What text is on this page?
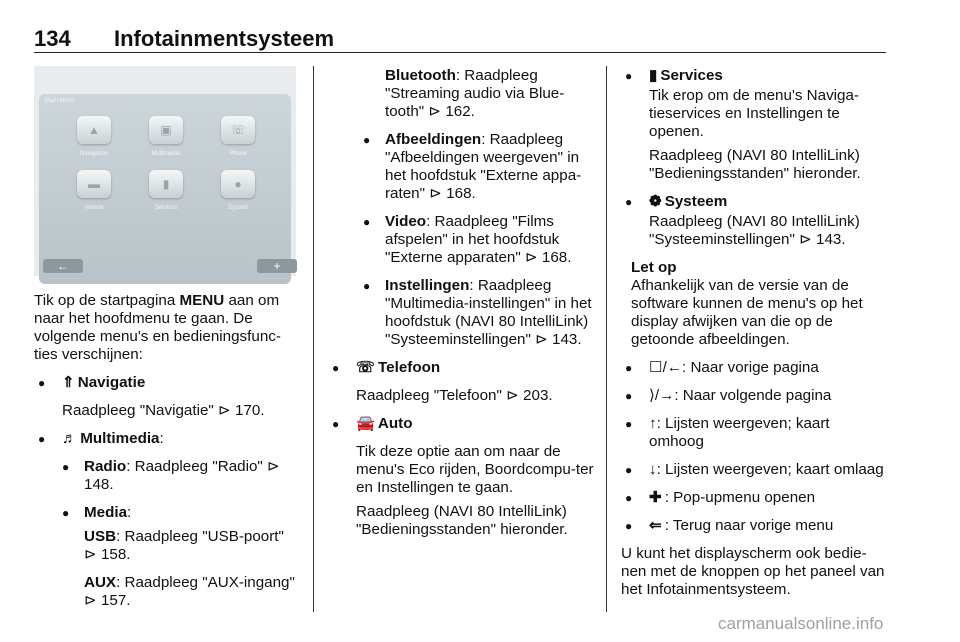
134 Infotainmentsysteem
Main Menu
▲	▣	☏
Navigation	Multimedia	Phone
▬	▮	●
Vehicle	Services	System
←	+

Tik op de startpagina MENU aan om naar het hoofdmenu te gaan. De volgende menu's en bedieningsfunc-ties verschijnen:

● ⇑ Navigatie
Raadpleeg "Navigatie" ⊳ 170.
● ♬ Multimedia:
● Radio: Raadpleeg "Radio" ⊳ 148.
● Media:
USB: Raadpleeg "USB-poort" ⊳ 158.
AUX: Raadpleeg "AUX-ingang" ⊳ 157.
Bluetooth: Raadpleeg "Streaming audio via Blue-tooth" ⊳ 162.
● Afbeeldingen: Raadpleeg "Afbeeldingen weergeven" in het hoofdstuk "Externe appa-raten" ⊳ 168.
● Video: Raadpleeg "Films afspelen" in het hoofdstuk "Externe apparaten" ⊳ 168.
● Instellingen: Raadpleeg "Multimedia-instellingen" in het hoofdstuk (NAVI 80 IntelliLink) "Systeeminstellingen" ⊳ 143.
● ☏ Telefoon
Raadpleeg "Telefoon" ⊳ 203.
● 🚘 Auto
Tik deze optie aan om naar de menu's Eco rijden, Boordcompu-ter en Instellingen te gaan.
Raadpleeg (NAVI 80 IntelliLink) "Bedieningsstanden" hieronder.
● ▮ Services
Tik erop om de menu's Naviga-tieservices en Instellingen te openen.
Raadpleeg (NAVI 80 IntelliLink) "Bedieningsstanden" hieronder.
● ❁ Systeem
Raadpleeg (NAVI 80 IntelliLink) "Systeeminstellingen" ⊳ 143.
Let op
Afhankelijk van de versie van de software kunnen de menu's op het display afwijken van die op de getoonde afbeeldingen.
● ☐/←: Naar vorige pagina
● ⟩/→: Naar volgende pagina
● ↑: Lijsten weergeven; kaart omhoog
● ↓: Lijsten weergeven; kaart omlaag
● ✚ : Pop-upmenu openen
● ⇐ : Terug naar vorige menu

U kunt het displayscherm ook bedie-nen met de knoppen op het paneel van het Infotainmentsysteem.

carmanualsonline.info
